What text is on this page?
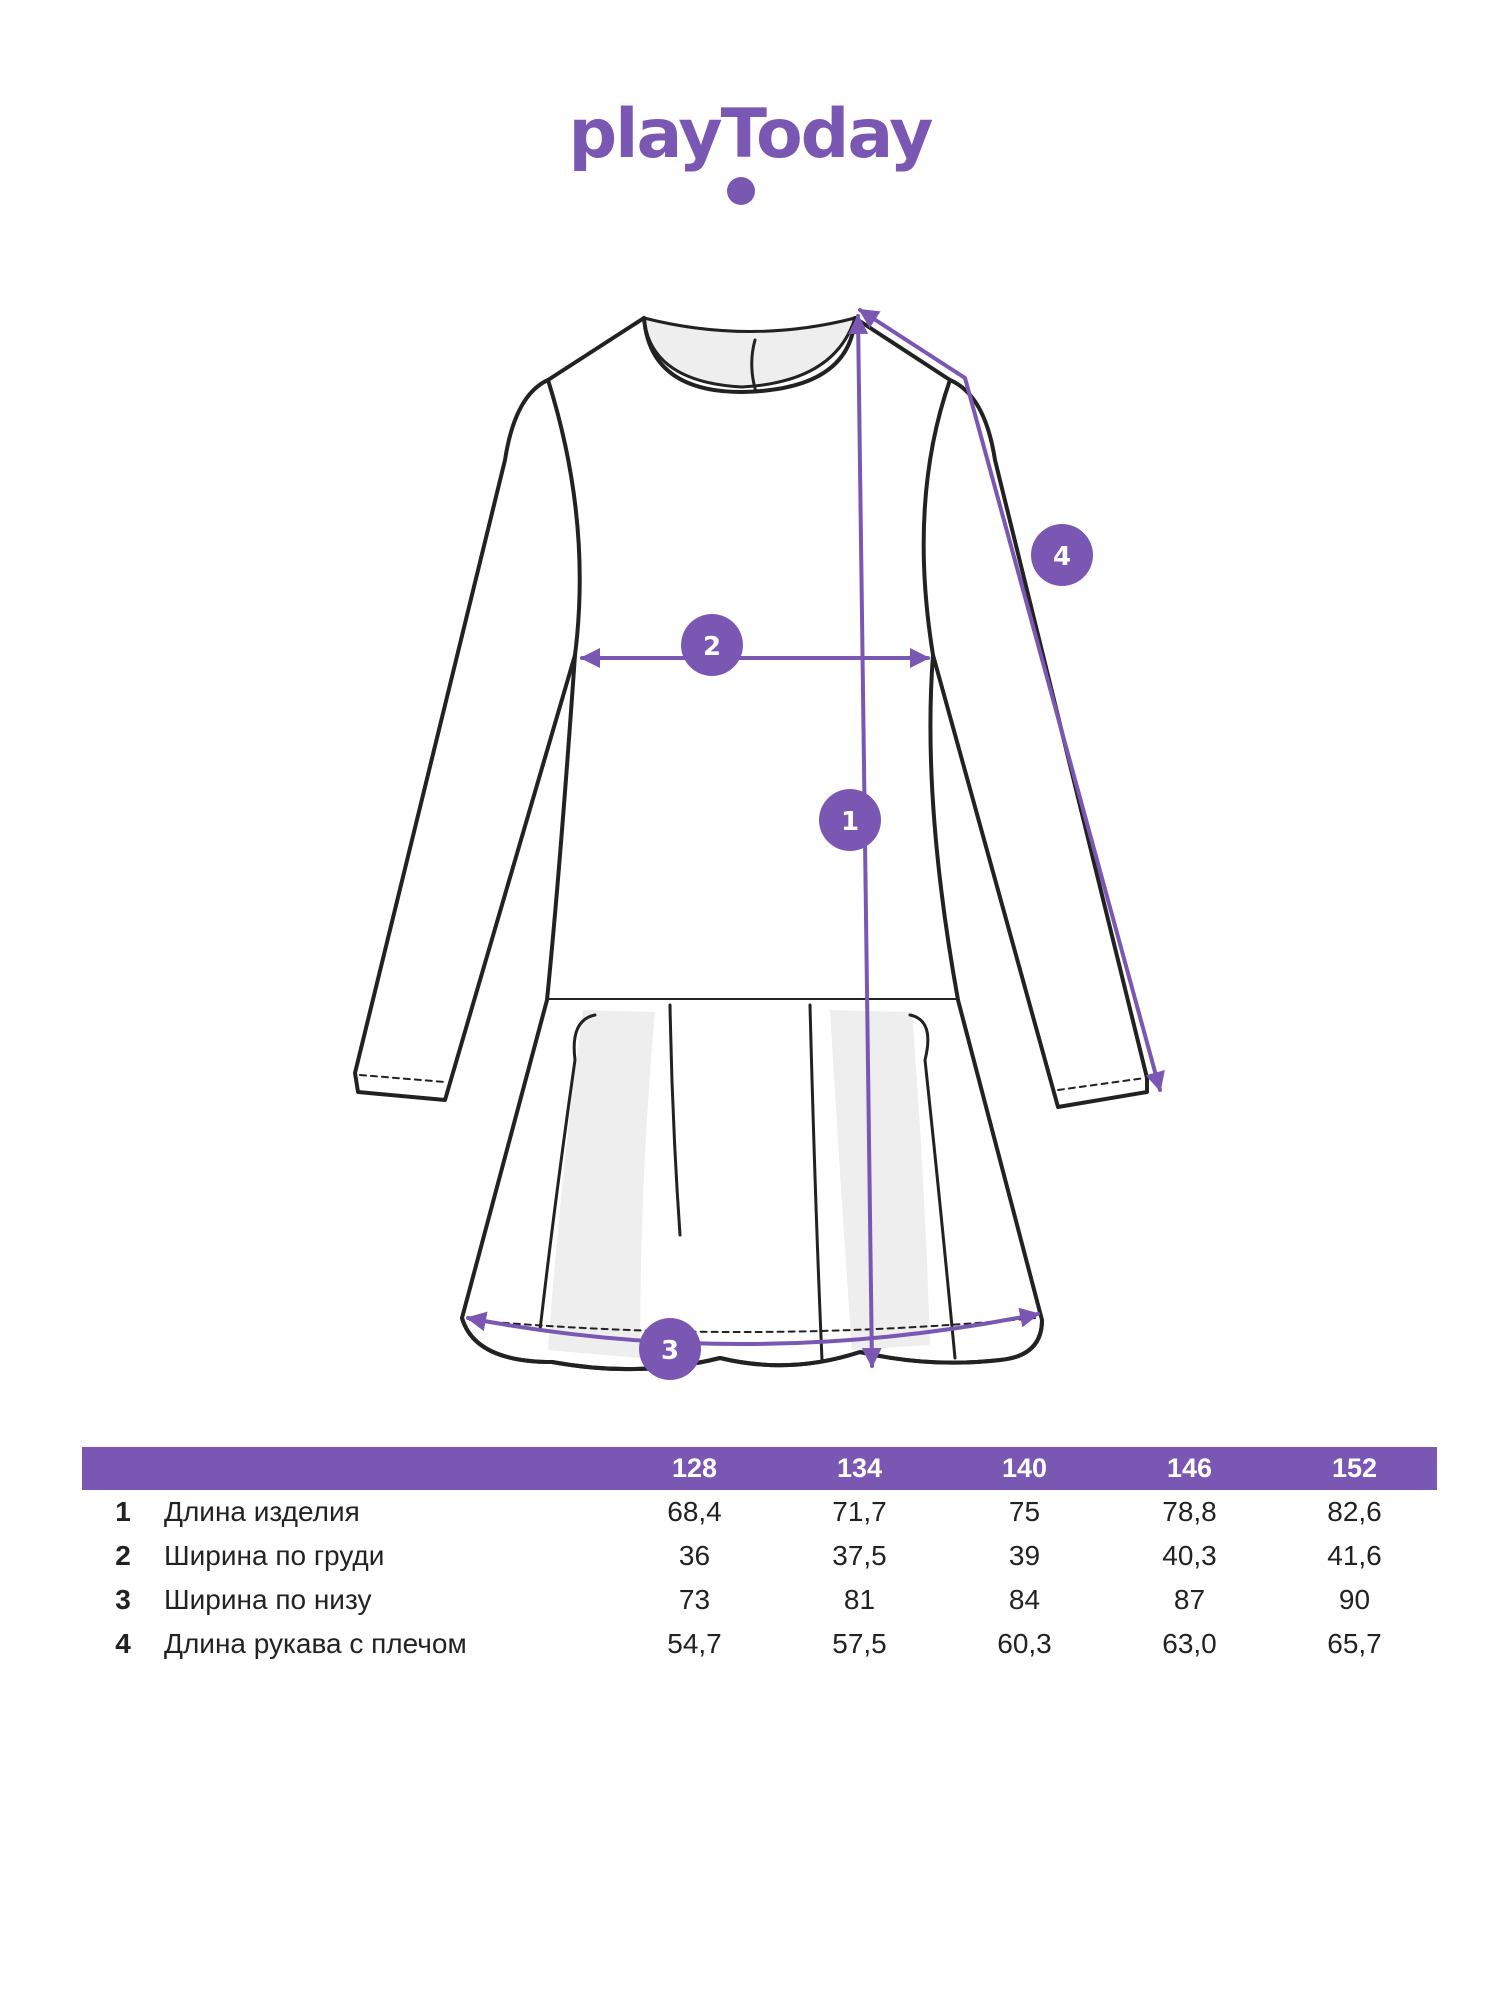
playToday
1
2
3
4
		128	134	140	146	152
1	Длина изделия	68,4	71,7	75	78,8	82,6
2	Ширина по груди	36	37,5	39	40,3	41,6
3	Ширина по низу	73	81	84	87	90
4	Длина рукава с плечом	54,7	57,5	60,3	63,0	65,7
